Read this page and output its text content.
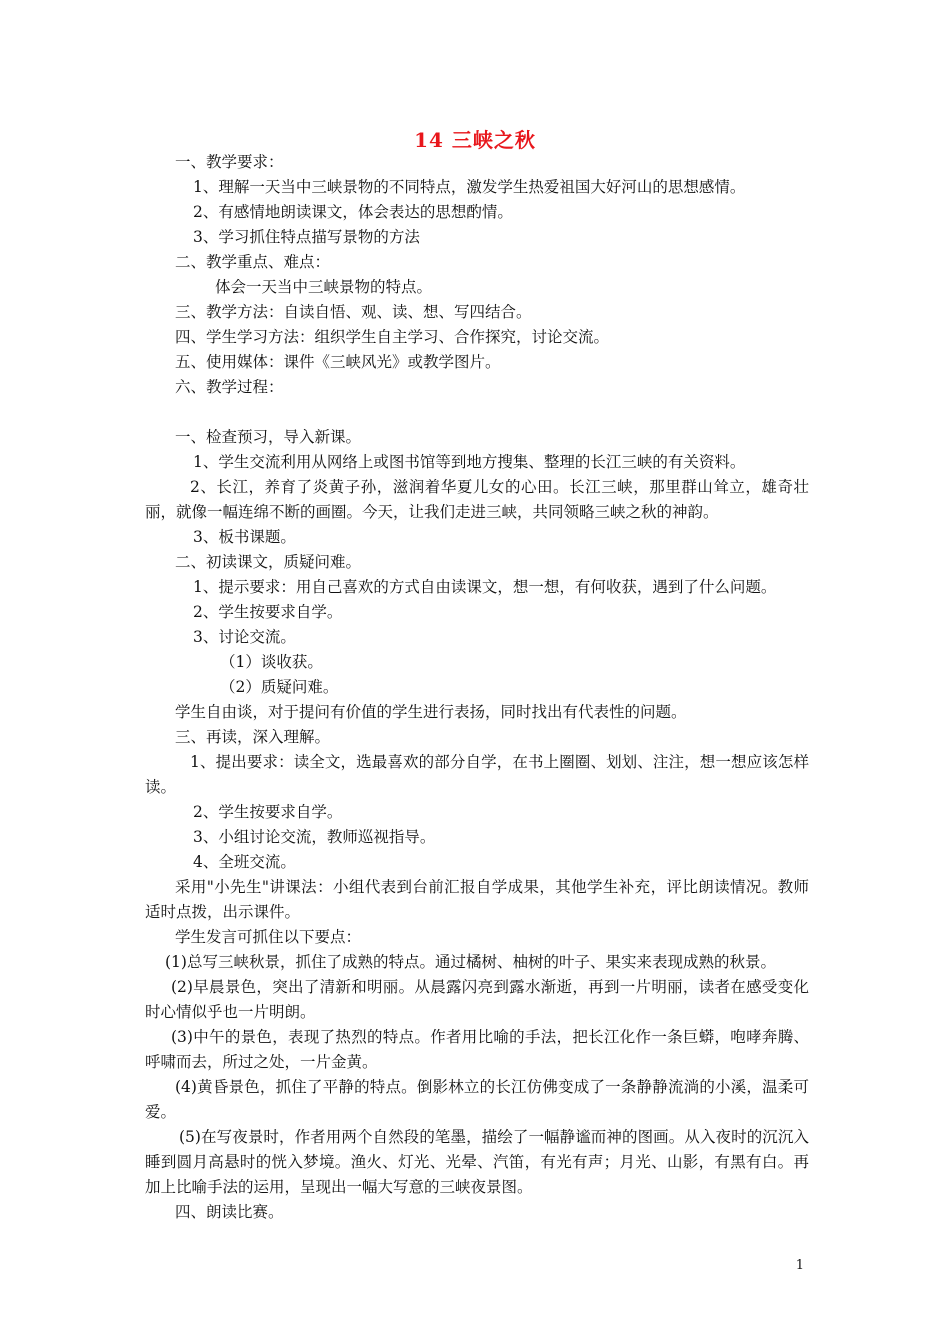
14 三峡之秋
一、教学要求：
1、理解一天当中三峡景物的不同特点，激发学生热爱祖国大好河山的思想感情。
2、有感情地朗读课文，体会表达的思想酌情。
3、学习抓住特点描写景物的方法
二、教学重点、难点：
体会一天当中三峡景物的特点。
三、教学方法：自读自悟、观、读、想、写四结合。
四、学生学习方法：组织学生自主学习、合作探究，讨论交流。
五、使用媒体：课件《三峡风光》或教学图片。
六、教学过程：
一、检查预习，导入新课。
1、学生交流利用从网络上或图书馆等到地方搜集、整理的长江三峡的有关资料。
2、长江，养育了炎黄子孙，滋润着华夏儿女的心田。长江三峡，那里群山耸立，雄奇壮丽，就像一幅连绵不断的画圈。今天，让我们走进三峡，共同领略三峡之秋的神韵。
3、板书课题。
二、初读课文，质疑问难。
1、提示要求：用自己喜欢的方式自由读课文，想一想，有何收获，遇到了什么问题。
2、学生按要求自学。
3、讨论交流。
（1）谈收获。
（2）质疑问难。
学生自由谈，对于提问有价值的学生进行表扬，同时找出有代表性的问题。
三、再读，深入理解。
1、提出要求：读全文，选最喜欢的部分自学，在书上圈圈、划划、注注，想一想应该怎样读。
2、学生按要求自学。
3、小组讨论交流，教师巡视指导。
4、全班交流。
采用"小先生"讲课法：小组代表到台前汇报自学成果，其他学生补充，评比朗读情况。教师适时点拨，出示课件。
学生发言可抓住以下要点：
(1)总写三峡秋景，抓住了成熟的特点。通过橘树、柚树的叶子、果实来表现成熟的秋景。
(2)早晨景色，突出了清新和明丽。从晨露闪亮到露水渐逝，再到一片明丽，读者在感受变化时心情似乎也一片明朗。
(3)中午的景色，表现了热烈的特点。作者用比喻的手法，把长江化作一条巨蟒，咆哮奔腾、呼啸而去，所过之处，一片金黄。
(4)黄昏景色，抓住了平静的特点。倒影林立的长江仿佛变成了一条静静流淌的小溪，温柔可爱。
(5)在写夜景时，作者用两个自然段的笔墨，描绘了一幅静谧而神的图画。从入夜时的沉沉入睡到圆月高悬时的恍入梦境。渔火、灯光、光晕、汽笛，有光有声；月光、山影，有黑有白。再加上比喻手法的运用，呈现出一幅大写意的三峡夜景图。
四、朗读比赛。
1
